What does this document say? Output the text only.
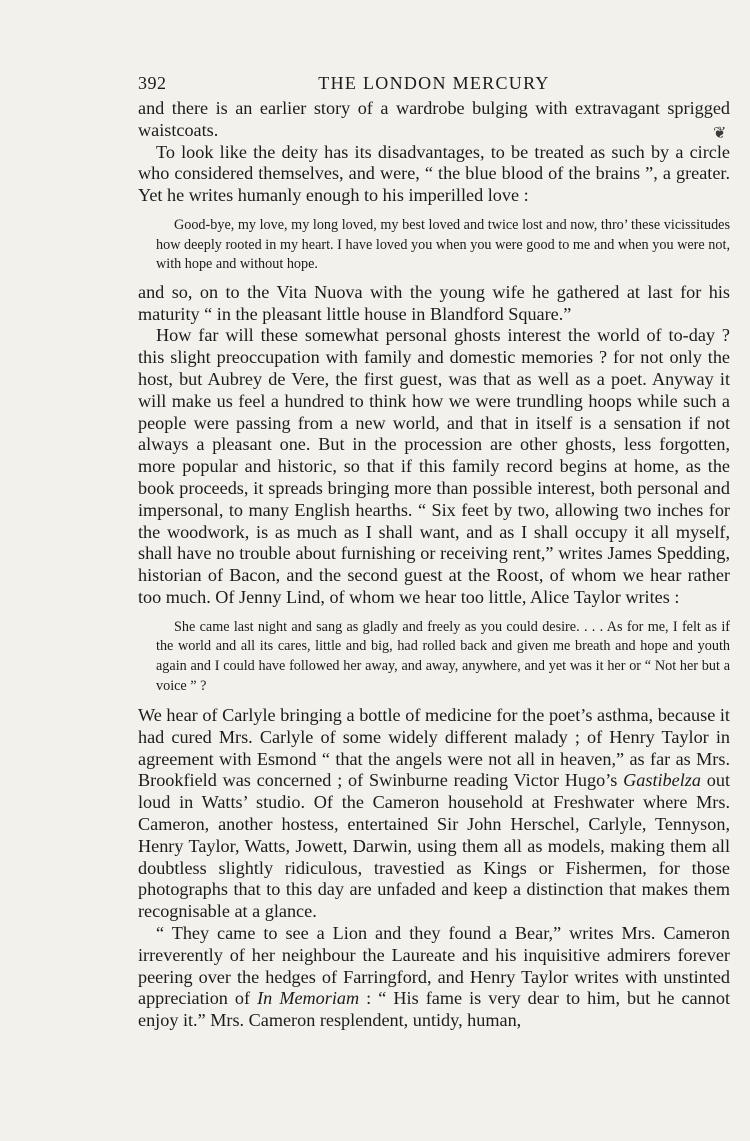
392	THE LONDON MERCURY
❦

and there is an earlier story of a wardrobe bulging with extravagant sprigged waistcoats.

To look like the deity has its disadvantages, to be treated as such by a circle who considered themselves, and were, “ the blue blood of the brains ”, a greater. Yet he writes humanly enough to his imperilled love :

Good-bye, my love, my long loved, my best loved and twice lost and now, thro’ these vicissitudes how deeply rooted in my heart. I have loved you when you were good to me and when you were not, with hope and without hope.

and so, on to the Vita Nuova with the young wife he gathered at last for his maturity “ in the pleasant little house in Blandford Square.”

How far will these somewhat personal ghosts interest the world of to-day ? this slight preoccupation with family and domestic memories ? for not only the host, but Aubrey de Vere, the first guest, was that as well as a poet. Anyway it will make us feel a hundred to think how we were trundling hoops while such a people were passing from a new world, and that in itself is a sensation if not always a pleasant one. But in the procession are other ghosts, less forgotten, more popular and historic, so that if this family record begins at home, as the book proceeds, it spreads bringing more than possible interest, both personal and impersonal, to many English hearths. “ Six feet by two, allowing two inches for the woodwork, is as much as I shall want, and as I shall occupy it all myself, shall have no trouble about furnishing or receiving rent,” writes James Spedding, historian of Bacon, and the second guest at the Roost, of whom we hear rather too much. Of Jenny Lind, of whom we hear too little, Alice Taylor writes :

She came last night and sang as gladly and freely as you could desire. . . . As for me, I felt as if the world and all its cares, little and big, had rolled back and given me breath and hope and youth again and I could have followed her away, and away, anywhere, and yet was it her or “ Not her but a voice ” ?

We hear of Carlyle bringing a bottle of medicine for the poet’s asthma, because it had cured Mrs. Carlyle of some widely different malady ; of Henry Taylor in agreement with Esmond “ that the angels were not all in heaven,” as far as Mrs. Brookfield was concerned ; of Swinburne reading Victor Hugo’s Gastibelza out loud in Watts’ studio. Of the Cameron household at Freshwater where Mrs. Cameron, another hostess, entertained Sir John Herschel, Carlyle, Tennyson, Henry Taylor, Watts, Jowett, Darwin, using them all as models, making them all doubtless slightly ridiculous, travestied as Kings or Fishermen, for those photographs that to this day are unfaded and keep a distinction that makes them recognisable at a glance.

“ They came to see a Lion and they found a Bear,” writes Mrs. Cameron irreverently of her neighbour the Laureate and his inquisitive admirers forever peering over the hedges of Farringford, and Henry Taylor writes with unstinted appreciation of In Memoriam : “ His fame is very dear to him, but he cannot enjoy it.” Mrs. Cameron resplendent, untidy, human,
